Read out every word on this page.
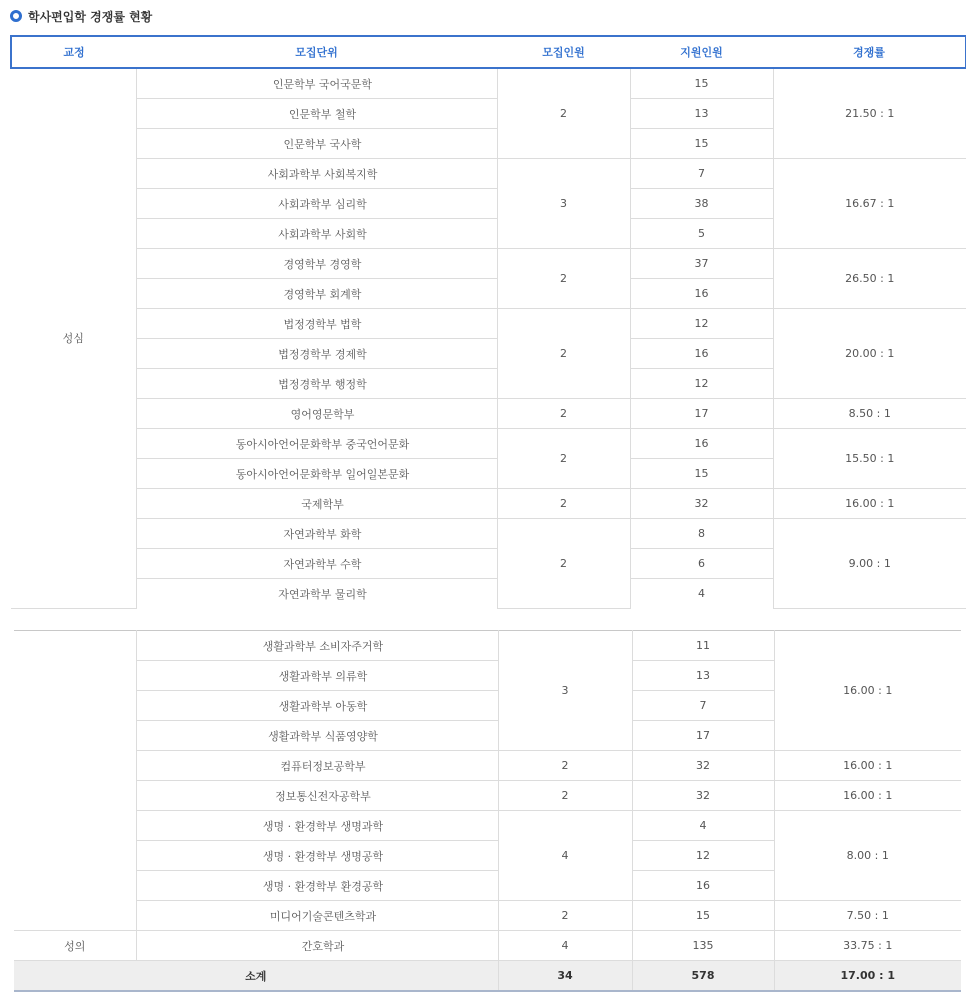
학사편입학 경쟁률 현황
교정	모집단위	모집인원	지원인원	경쟁률
성심	인문학부 국어국문학	2	15	21.50 : 1
	인문학부 철학		13	
	인문학부 국사학		15	
	사회과학부 사회복지학	3	7	16.67 : 1
	사회과학부 심리학		38	
	사회과학부 사회학		5	
	경영학부 경영학	2	37	26.50 : 1
	경영학부 회계학		16	
	법정경학부 법학	2	12	20.00 : 1
	법정경학부 경제학		16	
	법정경학부 행정학		12	
	영어영문학부	2	17	8.50 : 1
	동아시아언어문화학부 중국언어문화	2	16	15.50 : 1
	동아시아언어문화학부 일어일본문화		15	
	국제학부	2	32	16.00 : 1
	자연과학부 화학	2	8	9.00 : 1
	자연과학부 수학		6	
	자연과학부 물리학		4	
	생활과학부 소비자주거학	3	11	16.00 : 1
	생활과학부 의류학		13	
	생활과학부 아동학		7	
	생활과학부 식품영양학		17	
	컴퓨터정보공학부	2	32	16.00 : 1
	정보통신전자공학부	2	32	16.00 : 1
	생명 · 환경학부 생명과학	4	4	8.00 : 1
	생명 · 환경학부 생명공학		12	
	생명 · 환경학부 환경공학		16	
	미디어기술콘텐츠학과	2	15	7.50 : 1
성의	간호학과	4	135	33.75 : 1
소계		34	578	17.00 : 1
